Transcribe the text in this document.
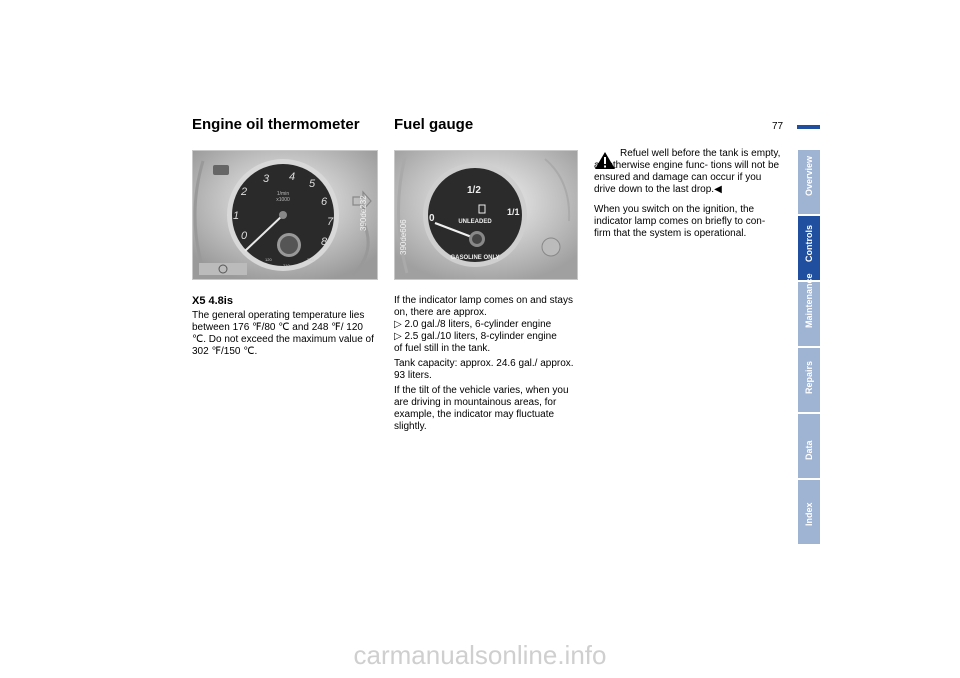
77
Engine oil thermometer Fuel gauge
0
1
2
3 4
5
6
7
8
1/min
x1000
120
210
300
390de232	0
1/2
1/1
UNLEADED
GASOLINE ONLY
390de606
X5 4.8is

The general operating temperature lies between 176 ℉/80 ℃ and 248 ℉/ 120 ℃. Do not exceed the maximum value of 302 ℉/150 ℃.

If the indicator lamp comes on and stays on, there are approx.

▷ 2.0 gal./8 liters, 6-cylinder engine

▷ 2.5 gal./10 liters, 8-cylinder engine

of fuel still in the tank.

Tank capacity: approx. 24.6 gal./ approx. 93 liters.

If the tilt of the vehicle varies, when you are driving in mountainous areas, for example, the indicator may fluctuate slightly.

Refuel well before the tank is empty, as otherwise engine func- tions will not be ensured and damage can occur if you drive down to the last drop.◀

When you switch on the ignition, the indicator lamp comes on briefly to con- firm that the system is operational.

Overview
Controls
Maintenance
Repairs
Data
Index
carmanualsonline.info
